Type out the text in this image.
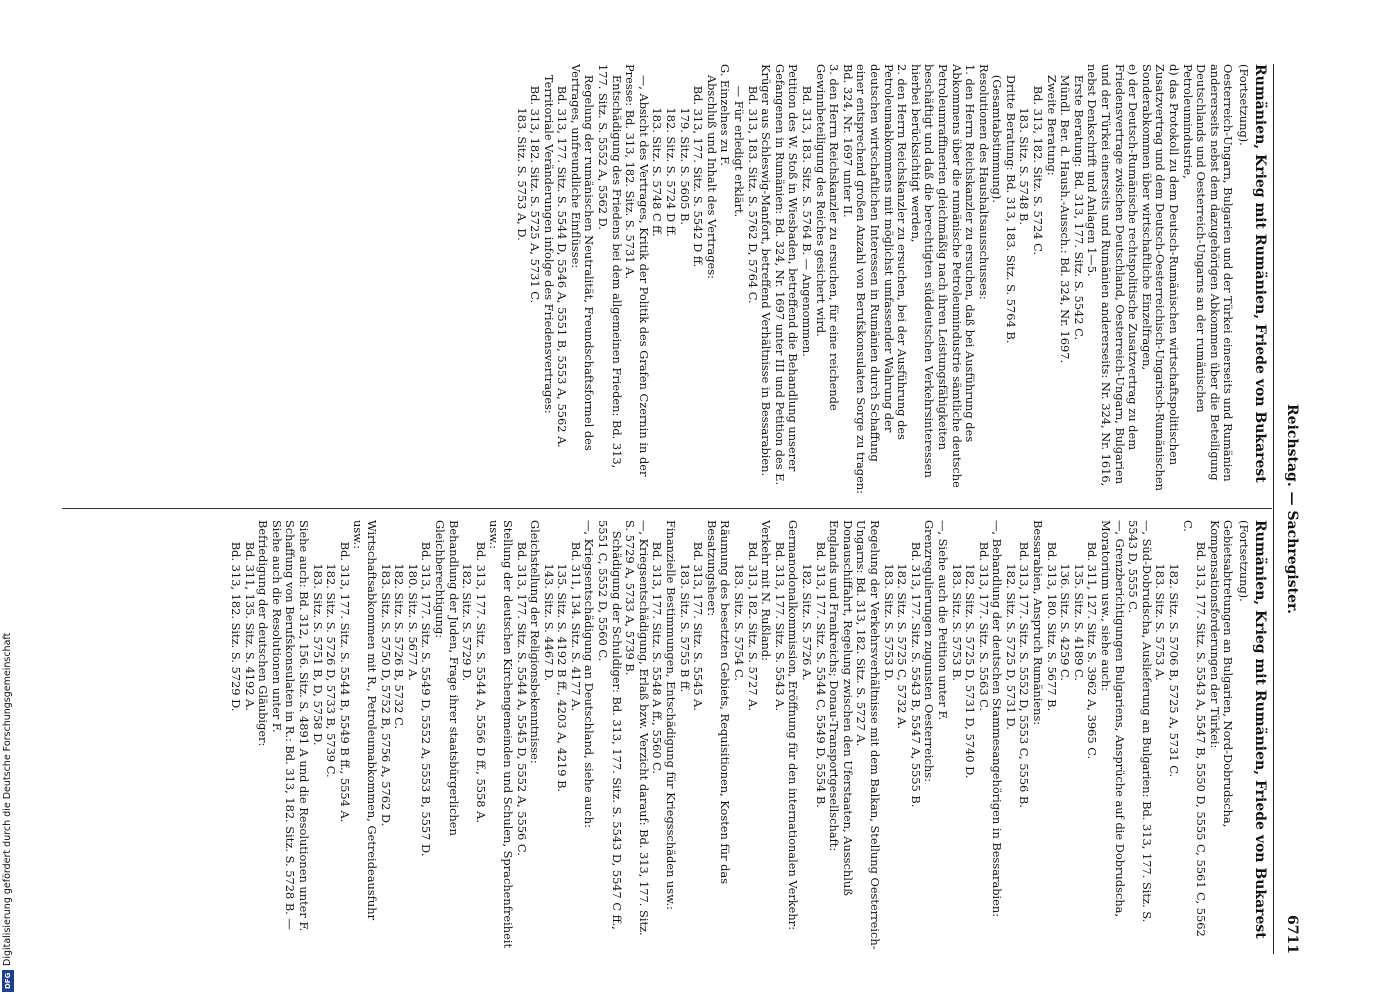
Reichstag. — Sachregister.
6711
Rumänien, Krieg mit Rumänien, Friede von Bukarest
(Fortsetzung).

Oesterreich-Ungarn, Bulgarien und der Türkei einerseits und Rumänien andererseits nebst dem dazugehörigen Abkommen über die Beteiligung Deutschlands und Oesterreich-Ungarns an der rumänischen Petroleumindustrie,
d) das Protokoll zu dem Deutsch-Rumänischen wirtschaftspolitischen Zusatzvertrag und dem Deutsch-Oesterreichisch-Ungarisch-Rumänischen Sonderabkommen über wirtschaftliche Einzelfragen,
e) der Deutsch-Rumänische rechtspolitische Zusatzvertrag zu dem Friedensvertrage zwischen Deutschland, Oesterreich-Ungarn, Bulgarien und der Türkei einerseits und Rumänien andererseits: Nr. 324, Nr. 1616, nebst Denkschrift und Anlagen 1—5.
Erste Beratung: Bd. 313, 177. Sitz. S. 5542 C.
Mündl. Ber. d. Haush.-Aussch.: Bd. 324, Nr. 1697.
Zweite Beratung:
Bd. 313, 182. Sitz. S. 5724 C.
183. Sitz. S. 5748 B.
Dritte Beratung: Bd. 313, 183. Sitz. S. 5764 B.
(Gesamtabstimmung).
Resolutionen des Haushaltsausschusses:
1. den Herrn Reichskanzler zu ersuchen, daß bei Ausführung des Abkommens über die rumänische Petroleumindustrie sämtliche deutsche Petroleumraffinerien gleichmäßig nach ihren Leistungsfähigkeiten beschäftigt und daß die berechtigten süddeutschen Verkehrsinteressen hierbei berücksichtigt werden,
2. den Herrn Reichskanzler zu ersuchen, bei der Ausführung des Petroleumabkommens mit möglichst umfassender Wahrung der deutschen wirtschaftlichen Interessen in Rumänien durch Schaffung einer entsprechend großen Anzahl von Berufskonsulaten Sorge zu tragen: Bd. 324, Nr. 1697 unter II.
3. den Herrn Reichskanzler zu ersuchen, für eine reichende Gewinnbeteiligung des Reiches gesichert wird.
Bd. 313, 183. Sitz. S. 5764 B. — Angenommen.
Petition des W. Stoß in Wiesbaden, betreffend die Behandlung unserer Gefangenen in Rumänien: Bd. 324, Nr. 1697 unter III und Petition des E. Krüger aus Schleswig-Manfort, betreffend Verhältnisse in Bessarabien.
Bd. 313, 183. Sitz. S. 5762 D, 5764 C.
— Für erledigt erklärt.
G. Einzelnes zu F.
Abschluß und Inhalt des Vertrages:
Bd. 313, 177. Sitz. S. 5542 D ff.
179. Sitz. S. 5605 B.
182. Sitz. S. 5724 D ff.
183. Sitz. S. 5748 C ff.
—, Absicht des Vertrages, Kritik der Politik des Grafen Czernin in der Presse: Bd. 313, 182. Sitz. S. 5731 A.
Entschädigung des Friedens bei dem allgemeinen Frieden: Bd. 313, 177. Sitz. S. 5552 A, 5562 D.
Regelung der rumänischen Neutralität, Freundschaftsformel des Vertrages, unfreundliche Einflüsse:
Bd. 313, 177. Sitz. S. 5544 D, 5546 A, 5551 B, 5553 A, 5562 A.
Territoriale Veränderungen infolge des Friedensvertrages:
Bd. 313, 182. Sitz. S. 5725 A, 5731 C.
183. Sitz. S. 5753 A, D.

Rumänien, Krieg mit Rumänien, Friede von Bukarest
(Fortsetzung).

Gebietsabtretungen an Bulgarien, Nord-Dobrudscha, Kompensationsforderungen der Türkei:
Bd. 313, 177. Sitz. S. 5543 A, 5547 B, 5550 D, 5555 C, 5561 C, 5562 C.
182. Sitz. S. 5706 B, 5725 A, 5731 C.
183. Sitz. S. 5753 A.
—, Süd-Dobrudscha, Auslieferung an Bulgarien: Bd. 313, 177. Sitz. S. 5543 D, 5555 C.
—, Grenzberichtigungen Bulgariens, Ansprüche auf die Dobrudscha, Moratorium usw., siehe auch:
Bd. 311, 127. Sitz. S. 3962 A, 3965 C.
135. Sitz. S. 4189 C.
136. Sitz. S. 4259 C.
Bd. 313, 180. Sitz. S. 5677 B.
Bessarabien, Anspruch Rumäniens:
Bd. 313, 177. Sitz. S. 5552 D, 5553 C, 5556 B.
182. Sitz. S. 5725 D, 5731 D.
—, Behandlung der deutschen Stammesangehörigen in Bessarabien:
Bd. 313, 177. Sitz. S. 5563 C.
182. Sitz. S. 5725 D, 5731 D, 5740 D.
183. Sitz. S. 5753 B.
—, Siehe auch die Petition unter F.
Grenzregulierungen zugunsten Oesterreichs:
Bd. 313, 177. Sitz. S. 5543 B, 5547 A, 5555 B.
182. Sitz. S. 5725 C, 5732 A.
183. Sitz. S. 5753 D.
Regelung der Verkehrsverhältnisse mit dem Balkan, Stellung Oesterreich-Ungarns: Bd. 313, 182. Sitz. S. 5727 A.
Donauschiffahrt, Regelung zwischen den Uferstaaten, Ausschluß Englands und Frankreichs; Donau-Transportgesellschaft:
Bd. 313, 177. Sitz. S. 5544 C, 5549 D, 5554 B.
182. Sitz. S. 5726 A.
Germanodonalkommission, Eröffnung für den internationalen Verkehr:
Bd. 313, 177. Sitz. S. 5543 A.
Verkehr mit N. Rußland:
Bd. 313, 182. Sitz. S. 5727 A.
183. Sitz. S. 5754 C.
Räumung des besetzten Gebiets, Requisitionen, Kosten für das Besatzungsheer:
Bd. 313, 177. Sitz. S. 5545 A.
183. Sitz. S. 5755 B ff.
Finanzielle Bestimmungen, Entschädigung für Kriegsschäden usw.:
Bd. 313, 177. Sitz. S. 5548 A ff., 5560 C.
—, Kriegsentschädigung, Erlaß bzw. Verzicht darauf: Bd. 313, 177. Sitz. S. 5729 A, 5733 A, 5739 B.
Schädigung der Schuldiger: Bd. 313, 177. Sitz. S. 5543 D, 5547 C ff., 5551 C, 5552 D, 5560 C.
—, Kriegsentschädigung an Deutschland, siehe auch:
Bd. 311, 134. Sitz. S. 4177 A.
135. Sitz. S. 4192 B ff., 4203 A, 4219 B.
143. Sitz. S. 4467 D.
Gleichstellung der Religionsbekenntnisse:
Bd. 313, 177. Sitz. S. 5544 A, 5545 D, 5552 A, 5556 C.
Stellung der deutschen Kirchengemeinden und Schulen, Sprachenfreiheit usw.:
Bd. 313, 177. Sitz. S. 5544 A, 5556 D ff., 5558 A.
182. Sitz. S. 5729 D.
Behandlung der Juden, Frage ihrer staatsbürgerlichen Gleichberechtigung:
Bd. 313, 177. Sitz. S. 5549 D, 5552 A, 5553 B, 5557 D.
180. Sitz. S. 5677 A.
182. Sitz. S. 5726 B, 5732 C.
183. Sitz. S. 5750 D, 5752 B, 5756 A, 5762 D.
Wirtschaftsabkommen mit R., Petroleumabkommen, Getreideausfuhr usw.:
Bd. 313, 177. Sitz. S. 5544 B, 5549 B ff., 5554 A.
182. Sitz. S. 5726 D, 5733 B, 5739 C.
183. Sitz. S. 5751 B, D, 5758 D.
Siehe auch: Bd. 312, 156. Sitz. S. 4891 A und die Resolutionen unter F.
Schaffung von Berufskonsulaten in R.: Bd. 313, 182. Sitz. S. 5728 B. — Siehe auch die Resolutionen unter F.
Befriedigung der deutschen Gläubiger:
Bd. 311, 135. Sitz. S. 4192 A.
Bd. 313, 182. Sitz. S. 5729 D.

Digitalisierung gefördert durch die Deutsche Forschungsgemeinschaft
DFG
